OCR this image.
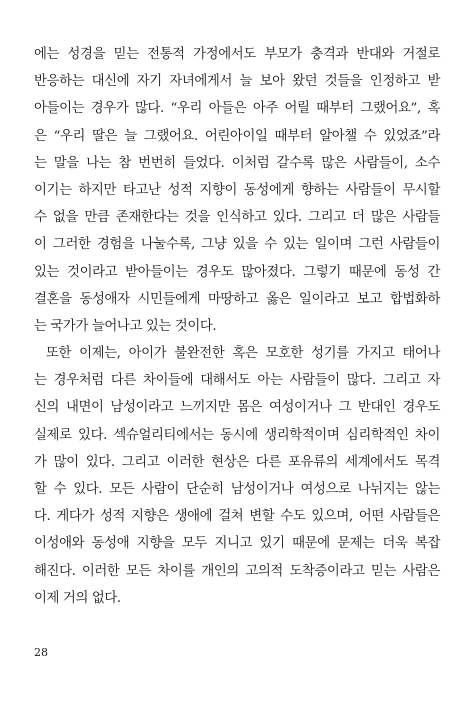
에는 성경을 믿는 전통적 가정에서도 부모가 충격과 반대와 거절로
반응하는 대신에 자기 자녀에게서 늘 보아 왔던 것들을 인정하고 받
아들이는 경우가 많다. “우리 아들은 아주 어릴 때부터 그랬어요”, 혹
은 “우리 딸은 늘 그랬어요. 어린아이일 때부터 알아챌 수 있었죠”라
는 말을 나는 참 번번히 들었다. 이처럼 갈수록 많은 사람들이, 소수
이기는 하지만 타고난 성적 지향이 동성에게 향하는 사람들이 무시할
수 없을 만큼 존재한다는 것을 인식하고 있다. 그리고 더 많은 사람들
이 그러한 경험을 나눌수록, 그냥 있을 수 있는 일이며 그런 사람들이
있는 것이라고 받아들이는 경우도 많아졌다. 그렇기 때문에 동성 간
결혼을 동성애자 시민들에게 마땅하고 옳은 일이라고 보고 합법화하
는 국가가 늘어나고 있는 것이다.
또한 이제는, 아이가 불완전한 혹은 모호한 성기를 가지고 태어나
는 경우처럼 다른 차이들에 대해서도 아는 사람들이 많다. 그리고 자
신의 내면이 남성이라고 느끼지만 몸은 여성이거나 그 반대인 경우도
실제로 있다. 섹슈얼리티에서는 동시에 생리학적이며 심리학적인 차이
가 많이 있다. 그리고 이러한 현상은 다른 포유류의 세계에서도 목격
할 수 있다. 모든 사람이 단순히 남성이거나 여성으로 나뉘지는 않는
다. 게다가 성적 지향은 생애에 걸쳐 변할 수도 있으며, 어떤 사람들은
이성애와 동성애 지향을 모두 지니고 있기 때문에 문제는 더욱 복잡
해진다. 이러한 모든 차이를 개인의 고의적 도착증이라고 믿는 사람은
이제 거의 없다.
28
